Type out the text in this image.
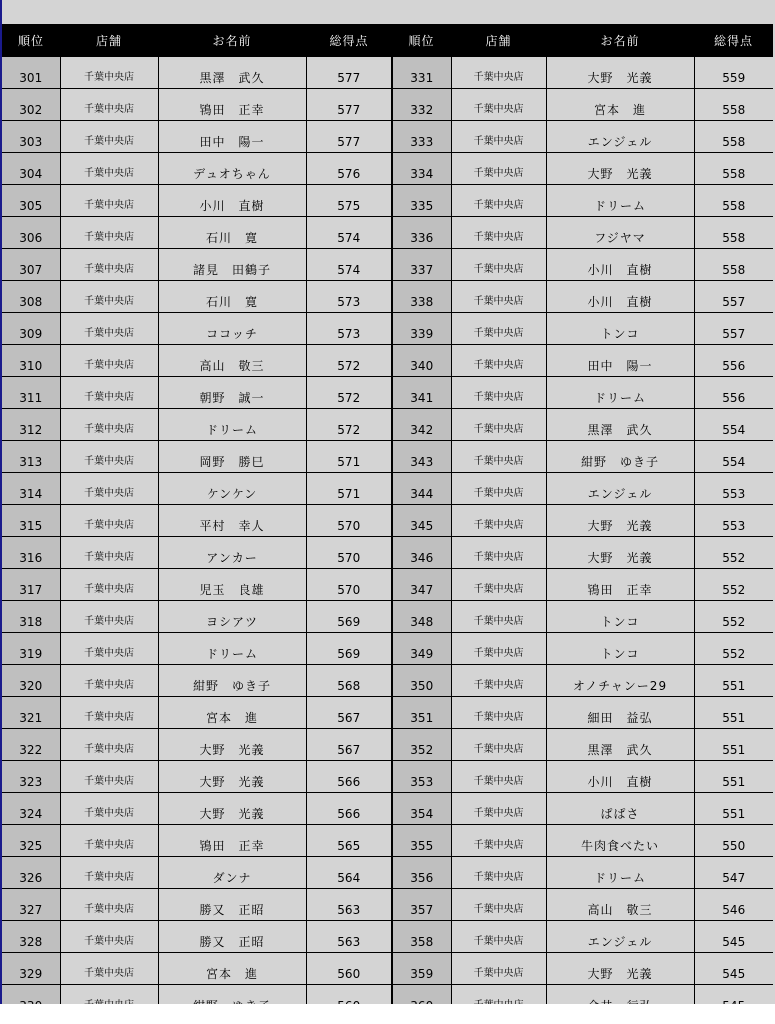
順位	店舗	お名前	総得点	順位	店舗	お名前	総得点
301	千葉中央店	黒澤　武久	577	331	千葉中央店	大野　光義	559
302	千葉中央店	鴇田　正幸	577	332	千葉中央店	宮本　進	558
303	千葉中央店	田中　陽一	577	333	千葉中央店	エンジェル	558
304	千葉中央店	デュオちゃん	576	334	千葉中央店	大野　光義	558
305	千葉中央店	小川　直樹	575	335	千葉中央店	ドリーム	558
306	千葉中央店	石川　寛	574	336	千葉中央店	フジヤマ	558
307	千葉中央店	諸見　田鶴子	574	337	千葉中央店	小川　直樹	558
308	千葉中央店	石川　寛	573	338	千葉中央店	小川　直樹	557
309	千葉中央店	ココッチ	573	339	千葉中央店	トンコ	557
310	千葉中央店	高山　敬三	572	340	千葉中央店	田中　陽一	556
311	千葉中央店	朝野　誠一	572	341	千葉中央店	ドリーム	556
312	千葉中央店	ドリーム	572	342	千葉中央店	黒澤　武久	554
313	千葉中央店	岡野　勝巳	571	343	千葉中央店	紺野　ゆき子	554
314	千葉中央店	ケンケン	571	344	千葉中央店	エンジェル	553
315	千葉中央店	平村　幸人	570	345	千葉中央店	大野　光義	553
316	千葉中央店	アンカー	570	346	千葉中央店	大野　光義	552
317	千葉中央店	児玉　良雄	570	347	千葉中央店	鴇田　正幸	552
318	千葉中央店	ヨシアツ	569	348	千葉中央店	トンコ	552
319	千葉中央店	ドリーム	569	349	千葉中央店	トンコ	552
320	千葉中央店	紺野　ゆき子	568	350	千葉中央店	オノチャンー29	551
321	千葉中央店	宮本　進	567	351	千葉中央店	細田　益弘	551
322	千葉中央店	大野　光義	567	352	千葉中央店	黒澤　武久	551
323	千葉中央店	大野　光義	566	353	千葉中央店	小川　直樹	551
324	千葉中央店	大野　光義	566	354	千葉中央店	ぱぱさ	551
325	千葉中央店	鴇田　正幸	565	355	千葉中央店	牛肉食べたい	550
326	千葉中央店	ダンナ	564	356	千葉中央店	ドリーム	547
327	千葉中央店	勝又　正昭	563	357	千葉中央店	高山　敬三	546
328	千葉中央店	勝又　正昭	563	358	千葉中央店	エンジェル	545
329	千葉中央店	宮本　進	560	359	千葉中央店	大野　光義	545
